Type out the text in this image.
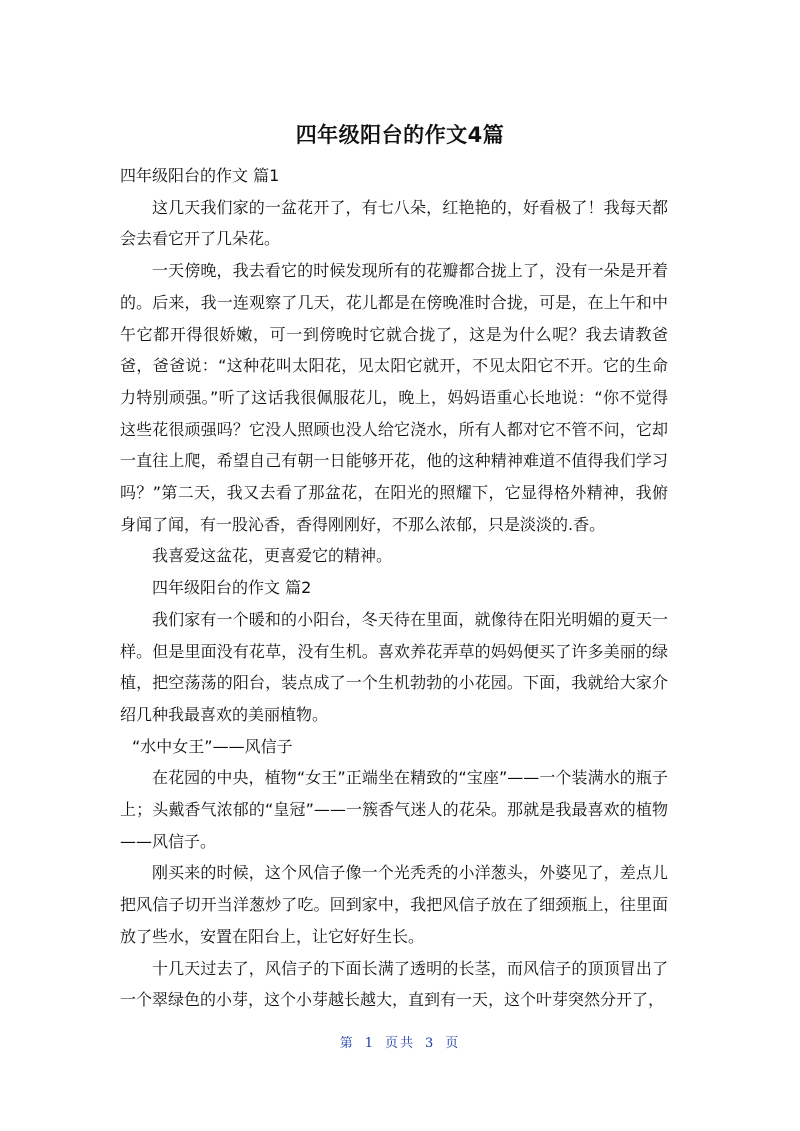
四年级阳台的作文4篇

四年级阳台的作文 篇1

这几天我们家的一盆花开了，有七八朵，红艳艳的，好看极了！我每天都会去看它开了几朵花。

一天傍晚，我去看它的时候发现所有的花瓣都合拢上了，没有一朵是开着的。后来，我一连观察了几天，花儿都是在傍晚准时合拢，可是，在上午和中午它都开得很娇嫩，可一到傍晚时它就合拢了，这是为什么呢？我去请教爸爸，爸爸说：“这种花叫太阳花，见太阳它就开，不见太阳它不开。它的生命力特别顽强。”听了这话我很佩服花儿，晚上，妈妈语重心长地说：“你不觉得这些花很顽强吗？它没人照顾也没人给它浇水，所有人都对它不管不问，它却一直往上爬，希望自己有朝一日能够开花，他的这种精神难道不值得我们学习吗？”第二天，我又去看了那盆花，在阳光的照耀下，它显得格外精神，我俯身闻了闻，有一股沁香，香得刚刚好，不那么浓郁，只是淡淡的.香。

我喜爱这盆花，更喜爱它的精神。

四年级阳台的作文 篇2

我们家有一个暖和的小阳台，冬天待在里面，就像待在阳光明媚的夏天一样。但是里面没有花草，没有生机。喜欢养花弄草的妈妈便买了许多美丽的绿植，把空荡荡的阳台，装点成了一个生机勃勃的小花园。下面，我就给大家介绍几种我最喜欢的美丽植物。

“水中女王”——风信子

在花园的中央，植物“女王”正端坐在精致的“宝座”——一个装满水的瓶子上；头戴香气浓郁的“皇冠”——一簇香气迷人的花朵。那就是我最喜欢的植物——风信子。

刚买来的时候，这个风信子像一个光秃秃的小洋葱头，外婆见了，差点儿把风信子切开当洋葱炒了吃。回到家中，我把风信子放在了细颈瓶上，往里面放了些水，安置在阳台上，让它好好生长。

十几天过去了，风信子的下面长满了透明的长茎，而风信子的顶顶冒出了一个翠绿色的小芽，这个小芽越长越大，直到有一天，这个叶芽突然分开了，

第 1 页共 3 页
